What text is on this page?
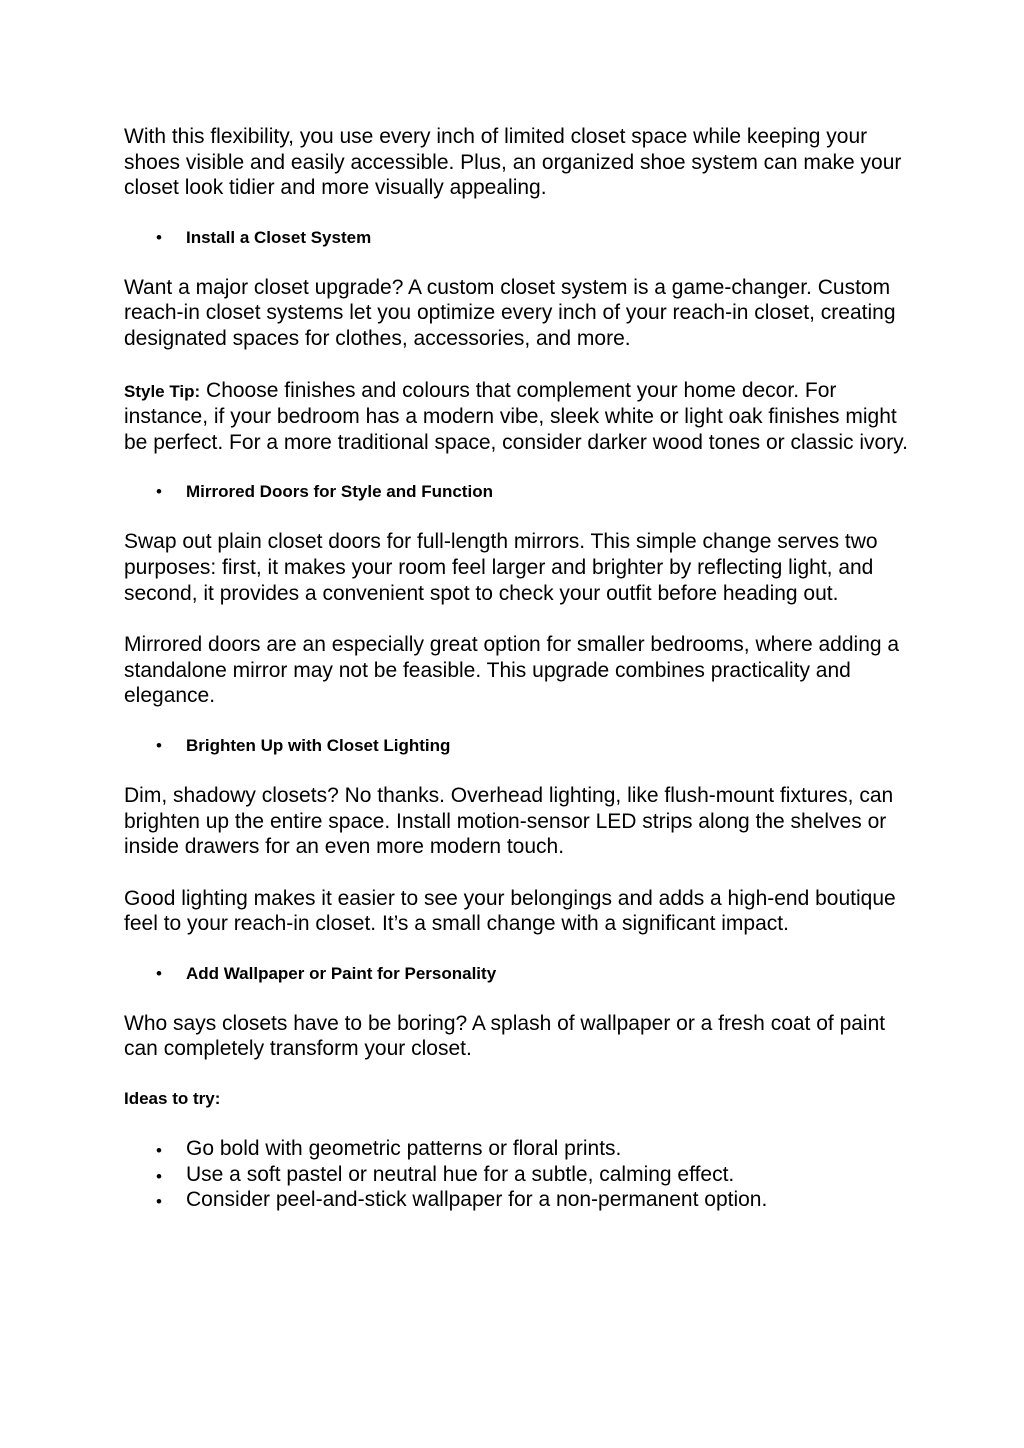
With this flexibility, you use every inch of limited closet space while keeping your shoes visible and easily accessible. Plus, an organized shoe system can make your closet look tidier and more visually appealing.

• Install a Closet System

Want a major closet upgrade? A custom closet system is a game-changer. Custom reach-in closet systems let you optimize every inch of your reach-in closet, creating designated spaces for clothes, accessories, and more.

Style Tip: Choose finishes and colours that complement your home decor. For instance, if your bedroom has a modern vibe, sleek white or light oak finishes might be perfect. For a more traditional space, consider darker wood tones or classic ivory.

• Mirrored Doors for Style and Function

Swap out plain closet doors for full-length mirrors. This simple change serves two purposes: first, it makes your room feel larger and brighter by reflecting light, and second, it provides a convenient spot to check your outfit before heading out.

Mirrored doors are an especially great option for smaller bedrooms, where adding a standalone mirror may not be feasible. This upgrade combines practicality and elegance.

• Brighten Up with Closet Lighting

Dim, shadowy closets? No thanks. Overhead lighting, like flush-mount fixtures, can brighten up the entire space. Install motion-sensor LED strips along the shelves or inside drawers for an even more modern touch.

Good lighting makes it easier to see your belongings and adds a high-end boutique feel to your reach-in closet. It’s a small change with a significant impact.

• Add Wallpaper or Paint for Personality

Who says closets have to be boring? A splash of wallpaper or a fresh coat of paint can completely transform your closet.

Ideas to try:
• Go bold with geometric patterns or floral prints.
• Use a soft pastel or neutral hue for a subtle, calming effect.
• Consider peel-and-stick wallpaper for a non-permanent option.
